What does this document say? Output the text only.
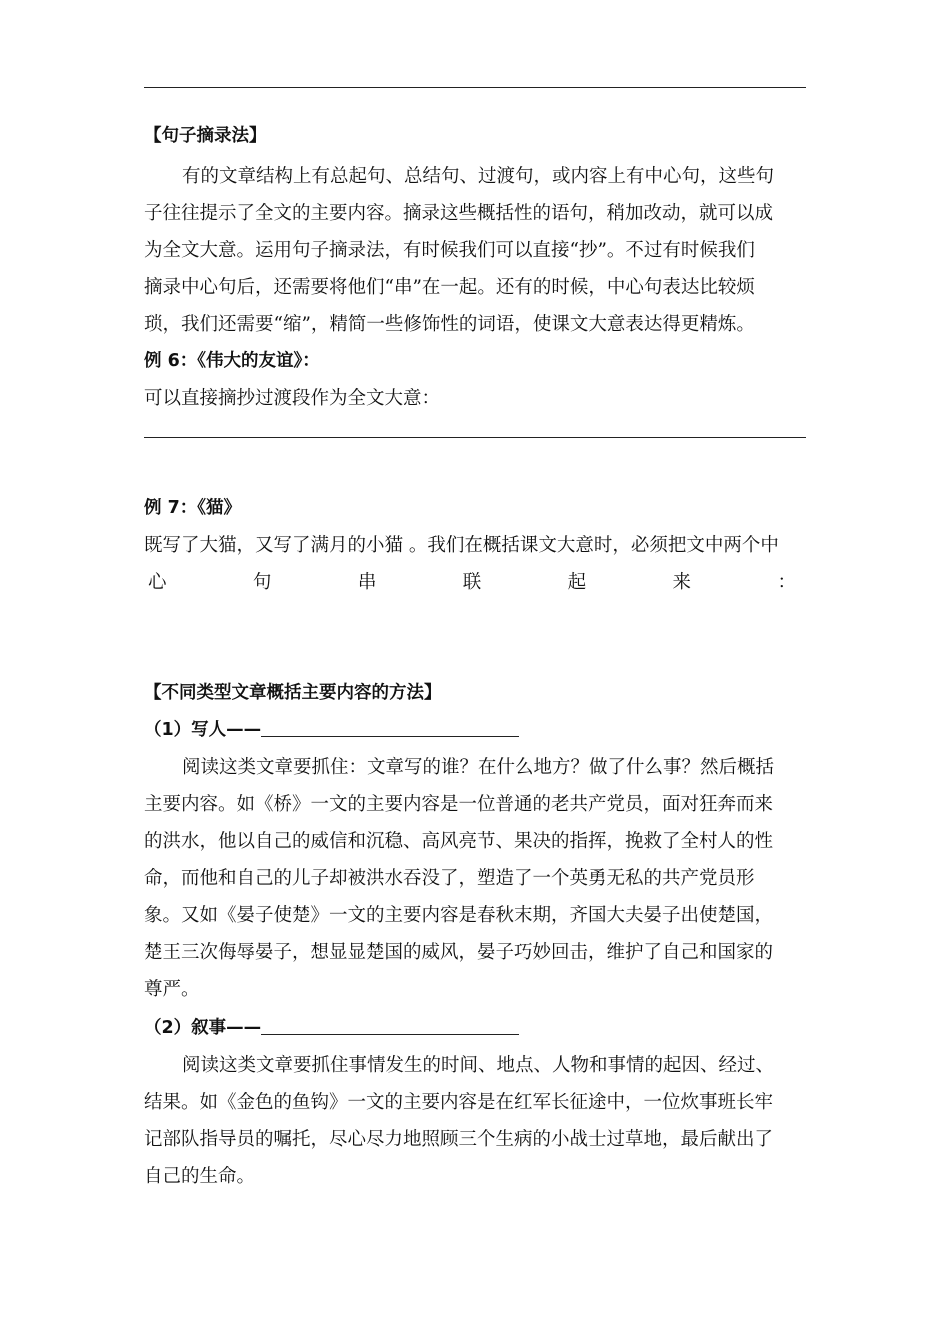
【句子摘录法】
有的文章结构上有总起句、总结句、过渡句，或内容上有中心句，这些句
子往往提示了全文的主要内容。摘录这些概括性的语句，稍加改动，就可以成
为全文大意。运用句子摘录法，有时候我们可以直接“抄”。不过有时候我们
摘录中心句后，还需要将他们“串”在一起。还有的时候，中心句表达比较烦
琐，我们还需要“缩”，精简一些修饰性的词语，使课文大意表达得更精炼。
例 6：《伟大的友谊》：
可以直接摘抄过渡段作为全文大意：
例 7：《猫》
既写了大猫，又写了满月的小猫 。我们在概括课文大意时，必须把文中两个中
心	句	串	联	起	来	：
【不同类型文章概括主要内容的方法】
（1）写人——
阅读这类文章要抓住：文章写的谁？在什么地方？做了什么事？然后概括
主要内容。如《桥》一文的主要内容是一位普通的老共产党员，面对狂奔而来
的洪水，他以自己的威信和沉稳、高风亮节、果决的指挥，挽救了全村人的性
命，而他和自己的儿子却被洪水吞没了，塑造了一个英勇无私的共产党员形
象。又如《晏子使楚》一文的主要内容是春秋末期，齐国大夫晏子出使楚国，
楚王三次侮辱晏子，想显显楚国的威风，晏子巧妙回击，维护了自己和国家的
尊严。
（2）叙事——
阅读这类文章要抓住事情发生的时间、地点、人物和事情的起因、经过、
结果。如《金色的鱼钩》一文的主要内容是在红军长征途中，一位炊事班长牢
记部队指导员的嘱托，尽心尽力地照顾三个生病的小战士过草地，最后献出了
自己的生命。
